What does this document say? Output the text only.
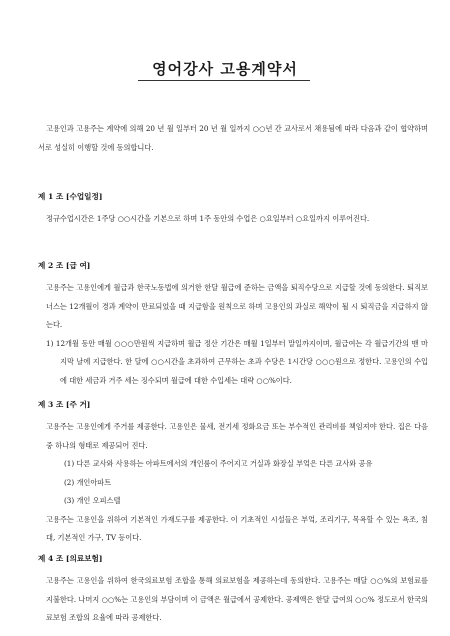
영어강사 고용계약서
고용인과 고용주는 계약에 의해 20 년 월 일부터 20 년 월 일까지 ○○년 간 교사로서 채용됨에 따라 다음과 같이 협약하며 서로 성실히 이행할 것에 동의합니다.
제 1 조 [수업일정]
정규수업시간은 1주당 ○○시간을 기본으로 하며 1주 동안의 수업은 ○요일부터 ○요일까지 이루어진다.
제 2 조 [급 여]
고용주는 고용인에게 월급과 한국노동법에 의거한 한달 월급에 준하는 금액을 퇴직수당으로 지급할 것에 동의한다. 퇴직보너스는 12개월이 경과 계약이 만료되었을 때 지급함을 원칙으로 하며 고용인의 과실로 해약이 될 시 퇴직금을 지급하지 않는다.
1) 12개월 동안 매월 ○○○만원씩 지급하며 월급 정산 기간은 매월 1일부터 말일까지이며, 월급여는 각 월급기간의 맨 마지막 날에 지급한다. 한 달에 ○○시간을 초과하여 근무하는 초과 수당은 1시간당 ○○○원으로 정한다. 고용인의 수입에 대한 세금과 거주 세는 징수되며 월급에 대한 수입세는 대략 ○○%이다.
제 3 조 [주 거]
고용주는 고용인에게 주거를 제공한다. 고용인은 물세, 전기세 정화요금 또는 부수적인 관리비를 책임져야 한다. 집은 다음 중 하나의 형태로 제공되어 진다.
(1) 다른 교사와 사용하는 아파트에서의 개인룸이 주어지고 거실과 화장실 부엌은 다른 교사와 공유
(2) 개인아파트
(3) 개인 오피스텔
고용주는 고용인을 위하여 기본적인 가재도구를 제공한다. 이 기초적인 시설들은 부엌, 조리기구, 목욕할 수 있는 욕조, 침대, 기본적인 가구, TV 등이다.
제 4 조 [의료보험]
고용주는 고용인을 위하여 한국의료보험 조합을 통해 의료보험을 제공하는데 동의한다. 고용주는 매달 ○○%의 보험료를 지불한다. 나머지 ○○%는 고용인의 부담이며 이 금액은 월급에서 공제한다. 공제액은 한달 급여의 ○○% 정도로서 한국의료보험 조합의 요율에 따라 공제한다.
